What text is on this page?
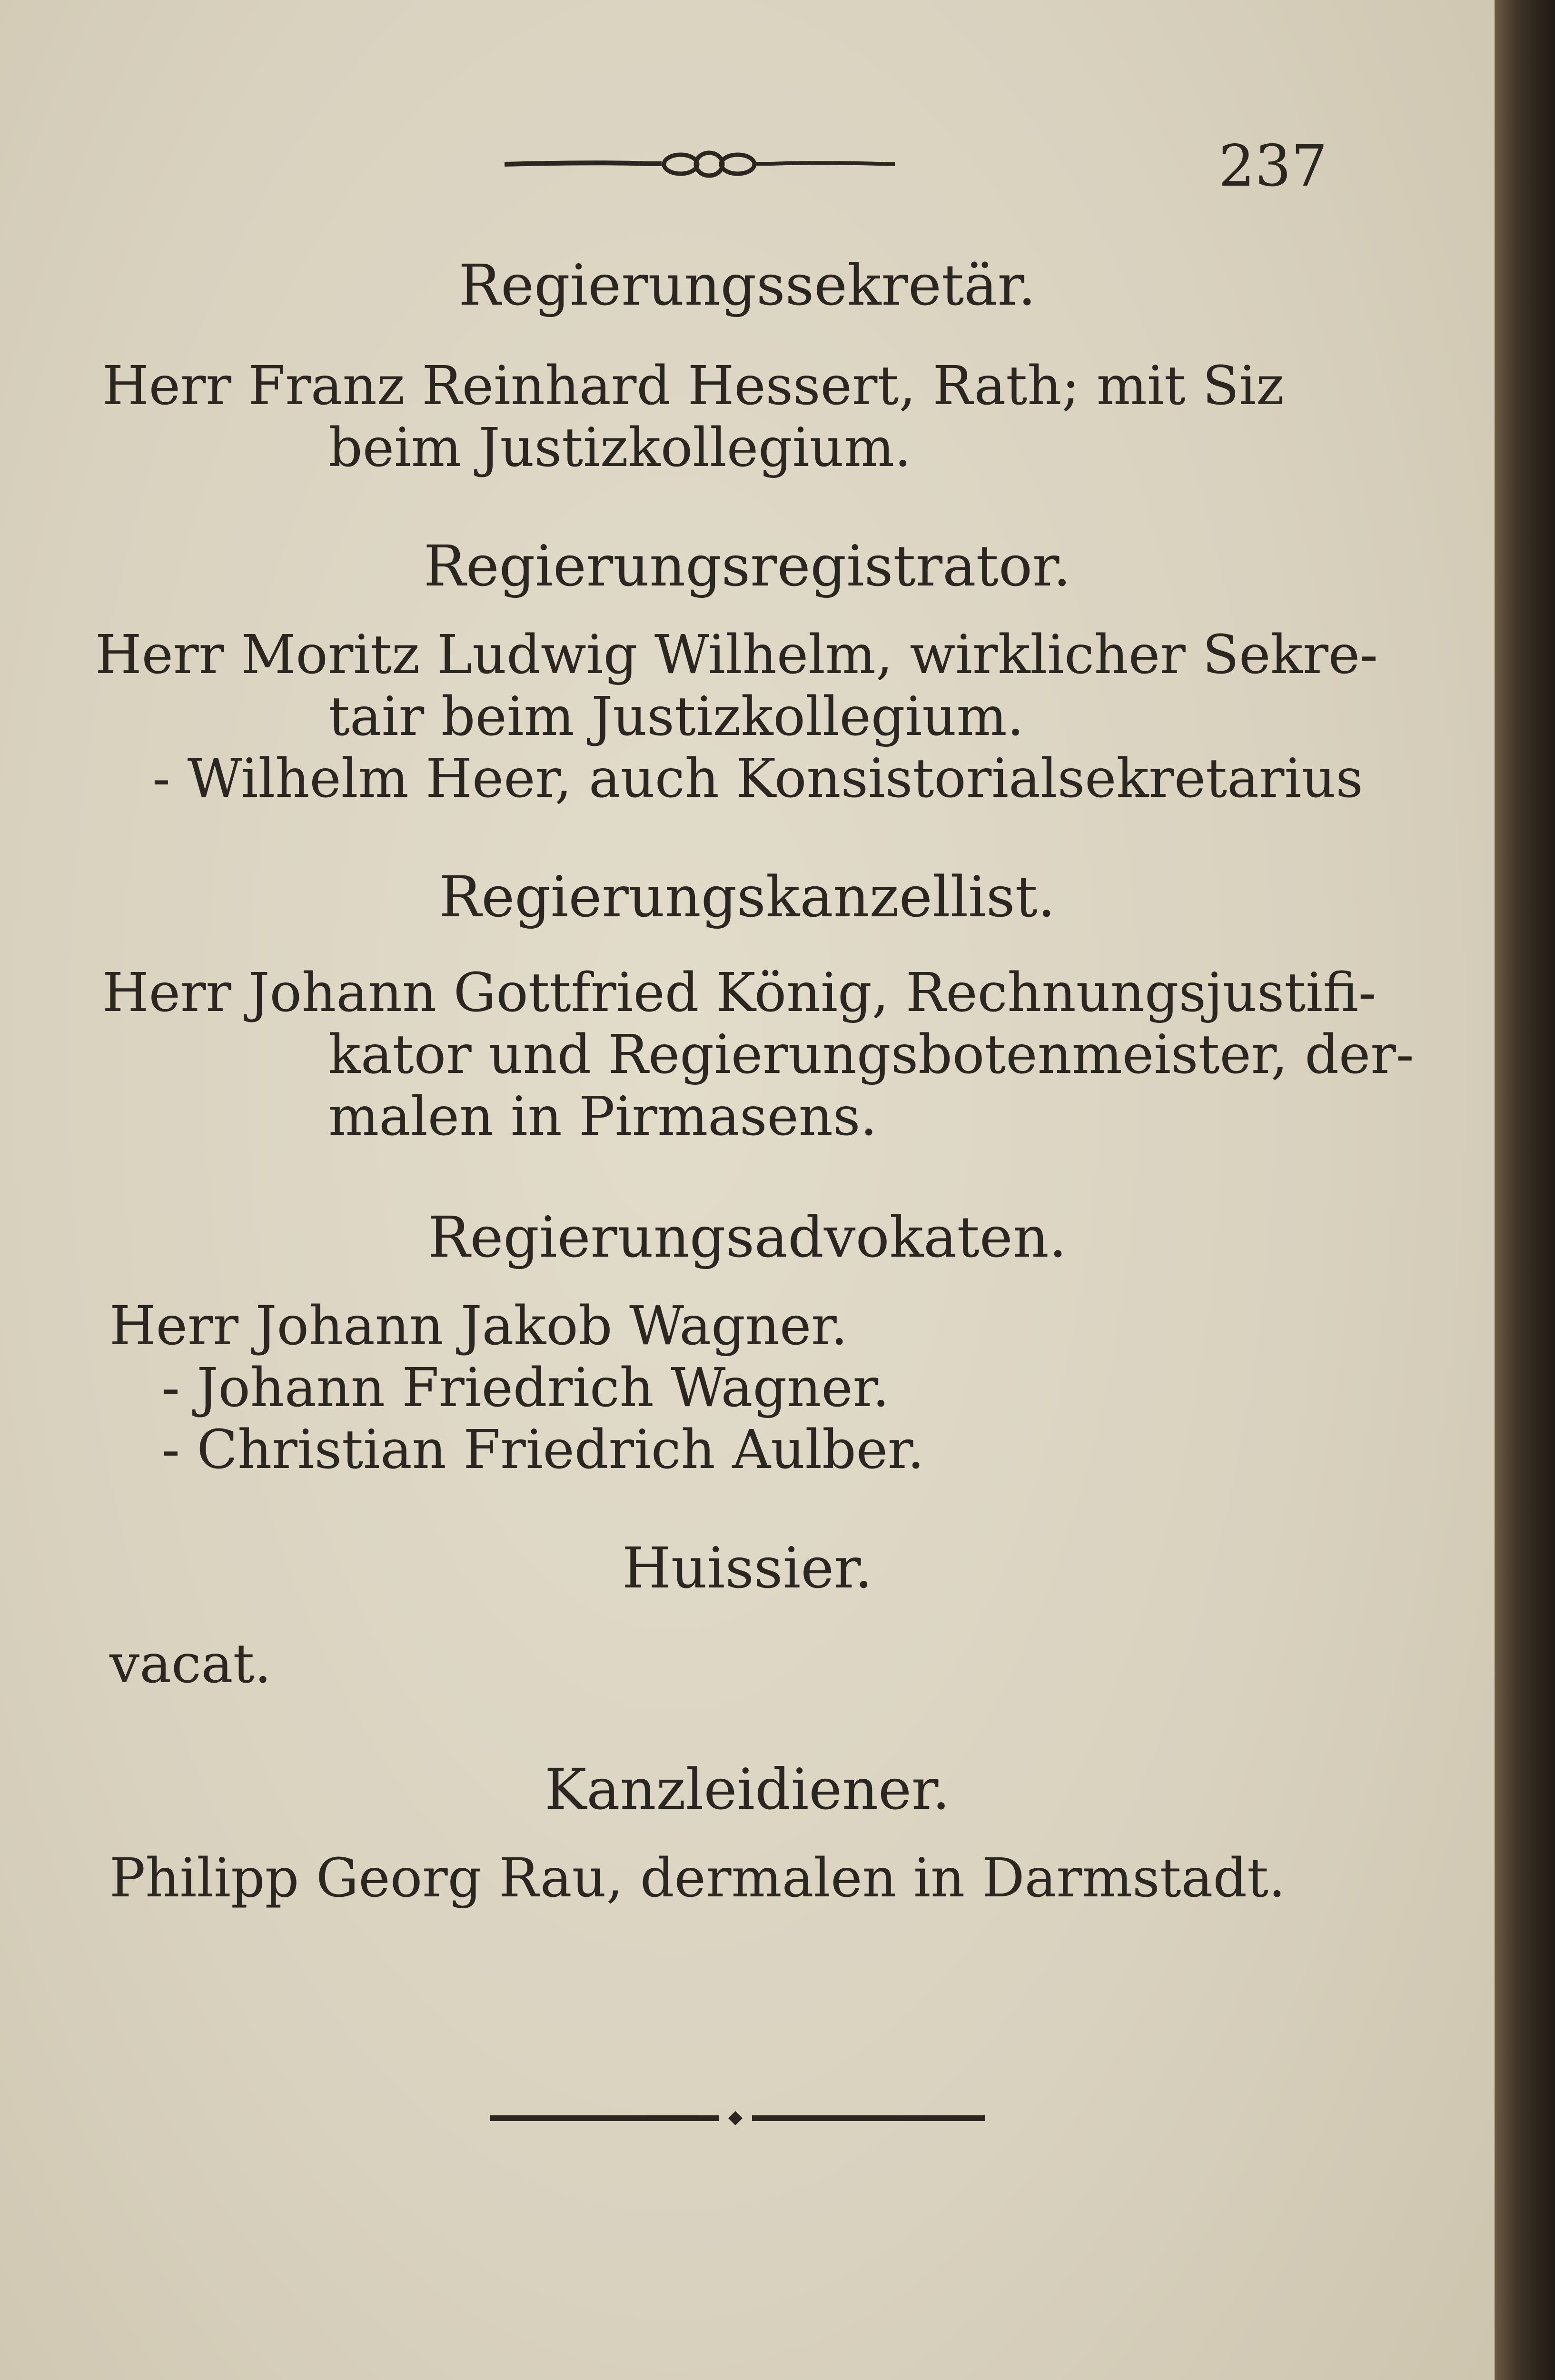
237
Regierungssekretär.
Herr Franz Reinhard Hessert, Rath; mit Siz
beim Justizkollegium.
Regierungsregistrator.
Herr Moritz Ludwig Wilhelm, wirklicher Sekre-
tair beim Justizkollegium.
- Wilhelm Heer, auch Konsistorialsekretarius
Regierungskanzellist.
Herr Johann Gottfried König, Rechnungsjustifi-
kator und Regierungsbotenmeister, der-
malen in Pirmasens.
Regierungsadvokaten.
Herr Johann Jakob Wagner.
- Johann Friedrich Wagner.
- Christian Friedrich Aulber.
Huissier.
vacat.
Kanzleidiener.
Philipp Georg Rau, dermalen in Darmstadt.
